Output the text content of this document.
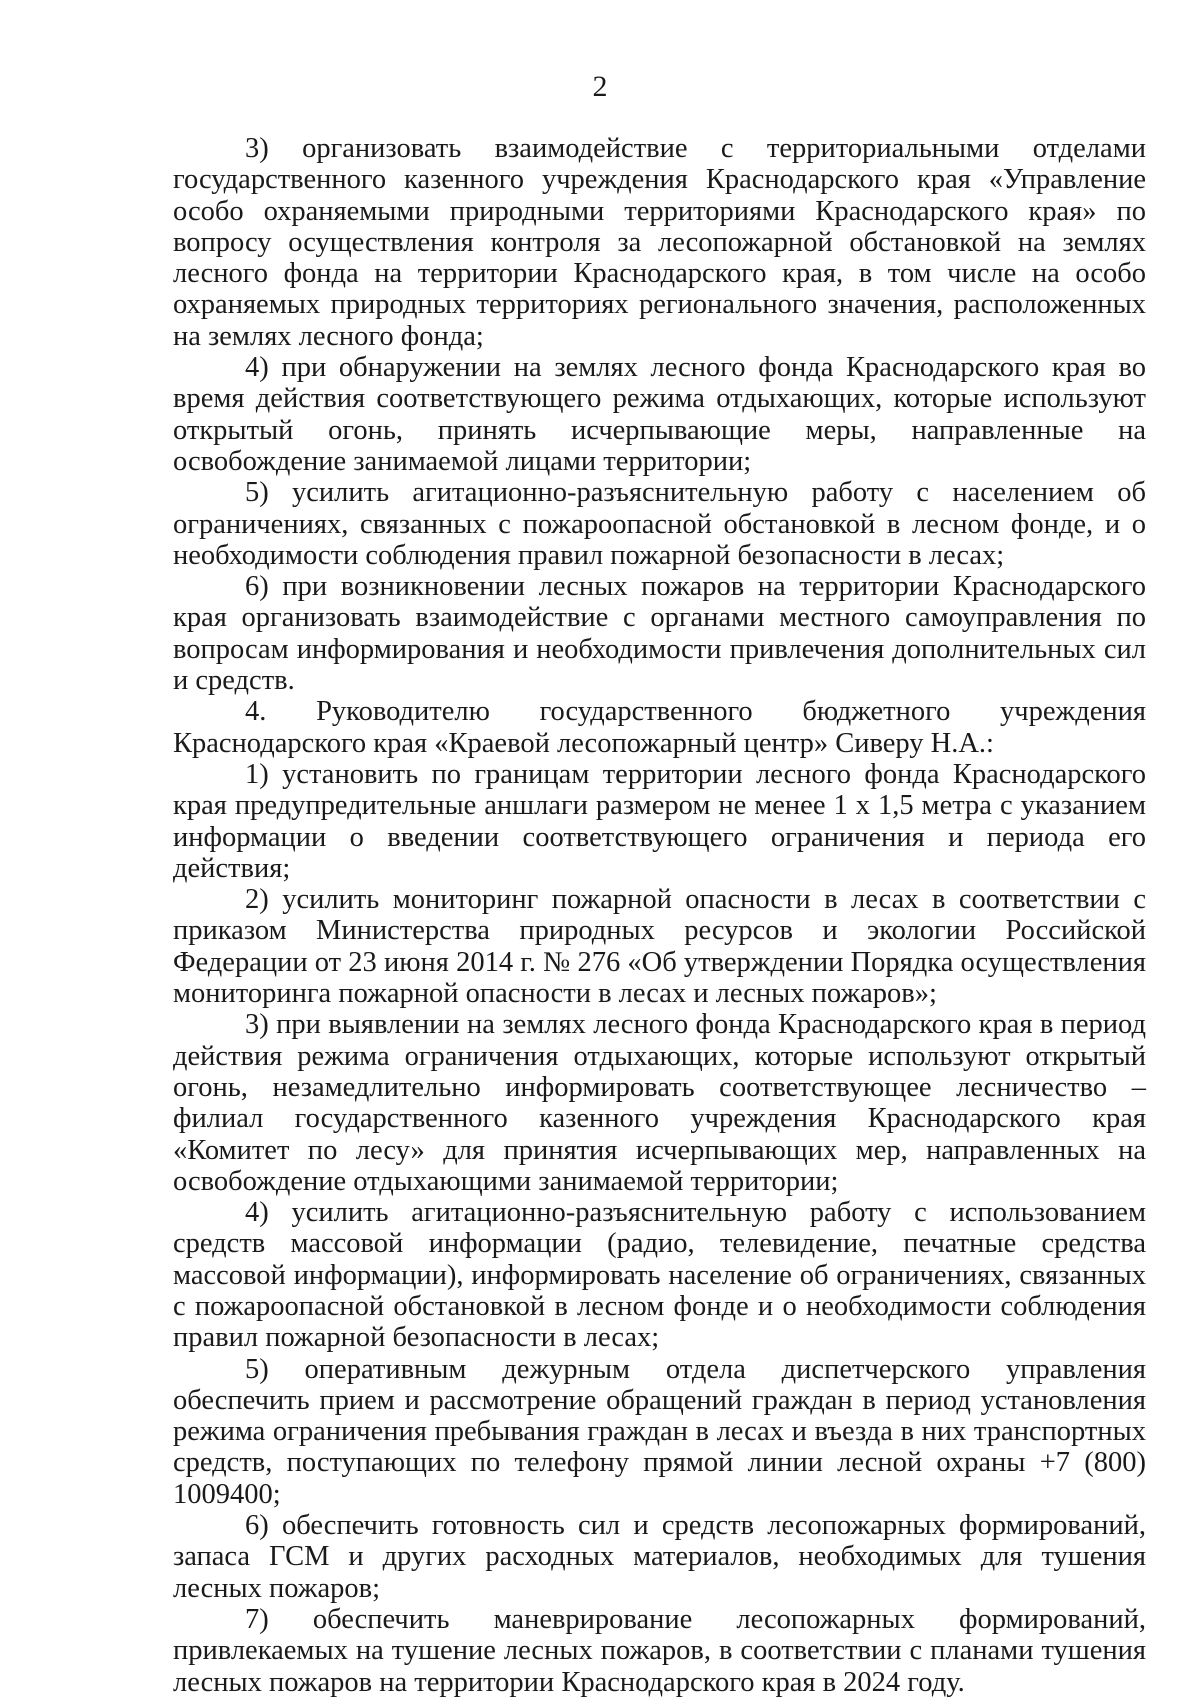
2

3) организовать взаимодействие с территориальными отделами государственного казенного учреждения Краснодарского края «Управление особо охраняемыми природными территориями Краснодарского края» по вопросу осуществления контроля за лесопожарной обстановкой на землях лесного фонда на территории Краснодарского края, в том числе на особо охраняемых природных территориях регионального значения, расположенных на землях лесного фонда;

4) при обнаружении на землях лесного фонда Краснодарского края во время действия соответствующего режима отдыхающих, которые используют открытый огонь, принять исчерпывающие меры, направленные на освобождение занимаемой лицами территории;

5) усилить агитационно-разъяснительную работу с населением об ограничениях, связанных с пожароопасной обстановкой в лесном фонде, и о необходимости соблюдения правил пожарной безопасности в лесах;

6) при возникновении лесных пожаров на территории Краснодарского края организовать взаимодействие с органами местного самоуправления по вопросам информирования и необходимости привлечения дополнительных сил и средств.

4. Руководителю государственного бюджетного учреждения Краснодарского края «Краевой лесопожарный центр» Сиверу Н.А.:

1) установить по границам территории лесного фонда Краснодарского края предупредительные аншлаги размером не менее 1 х 1,5 метра с указанием информации о введении соответствующего ограничения и периода его действия;

2) усилить мониторинг пожарной опасности в лесах в соответствии с приказом Министерства природных ресурсов и экологии Российской Федерации от 23 июня 2014 г. № 276 «Об утверждении Порядка осуществления мониторинга пожарной опасности в лесах и лесных пожаров»;

3) при выявлении на землях лесного фонда Краснодарского края в период действия режима ограничения отдыхающих, которые используют открытый огонь, незамедлительно информировать соответствующее лесничество – филиал государственного казенного учреждения Краснодарского края «Комитет по лесу» для принятия исчерпывающих мер, направленных на освобождение отдыхающими занимаемой территории;

4) усилить агитационно-разъяснительную работу с использованием средств массовой информации (радио, телевидение, печатные средства массовой информации), информировать население об ограничениях, связанных с пожароопасной обстановкой в лесном фонде и о необходимости соблюдения правил пожарной безопасности в лесах;

5) оперативным дежурным отдела диспетчерского управления обеспечить прием и рассмотрение обращений граждан в период установления режима ограничения пребывания граждан в лесах и въезда в них транспортных средств, поступающих по телефону прямой линии лесной охраны +7 (800) 1009400;

6) обеспечить готовность сил и средств лесопожарных формирований, запаса ГСМ и других расходных материалов, необходимых для тушения лесных пожаров;

7) обеспечить маневрирование лесопожарных формирований, привлекаемых на тушение лесных пожаров, в соответствии с планами тушения лесных пожаров на территории Краснодарского края в 2024 году.
